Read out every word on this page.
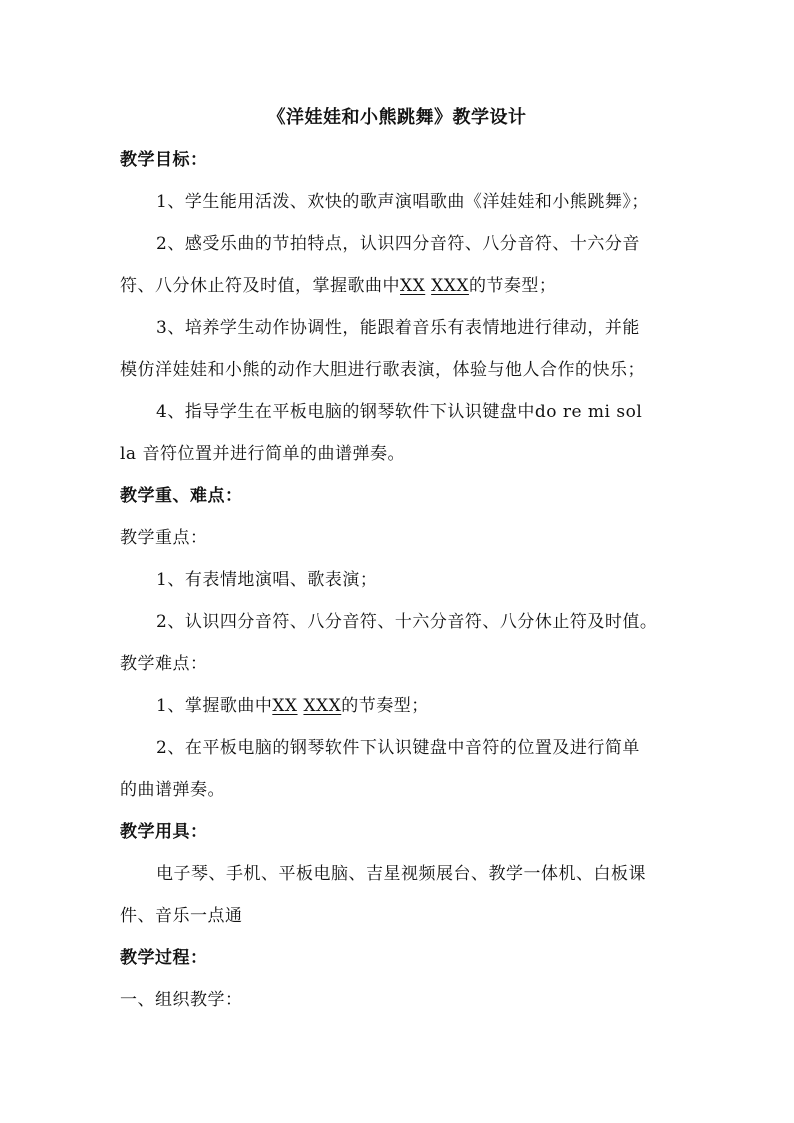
《洋娃娃和小熊跳舞》教学设计
教学目标：
1、学生能用活泼、欢快的歌声演唱歌曲《洋娃娃和小熊跳舞》；
2、感受乐曲的节拍特点，认识四分音符、八分音符、十六分音
符、八分休止符及时值，掌握歌曲中XX XXX的节奏型；
3、培养学生动作协调性，能跟着音乐有表情地进行律动，并能
模仿洋娃娃和小熊的动作大胆进行歌表演，体验与他人合作的快乐；
4、指导学生在平板电脑的钢琴软件下认识键盘中do re mi sol
la 音符位置并进行简单的曲谱弹奏。
教学重、难点：
教学重点：
1、有表情地演唱、歌表演；
2、认识四分音符、八分音符、十六分音符、八分休止符及时值。
教学难点：
1、掌握歌曲中XX XXX的节奏型；
2、在平板电脑的钢琴软件下认识键盘中音符的位置及进行简单
的曲谱弹奏。
教学用具：
电子琴、手机、平板电脑、吉星视频展台、教学一体机、白板课
件、音乐一点通
教学过程：
一、组织教学：
